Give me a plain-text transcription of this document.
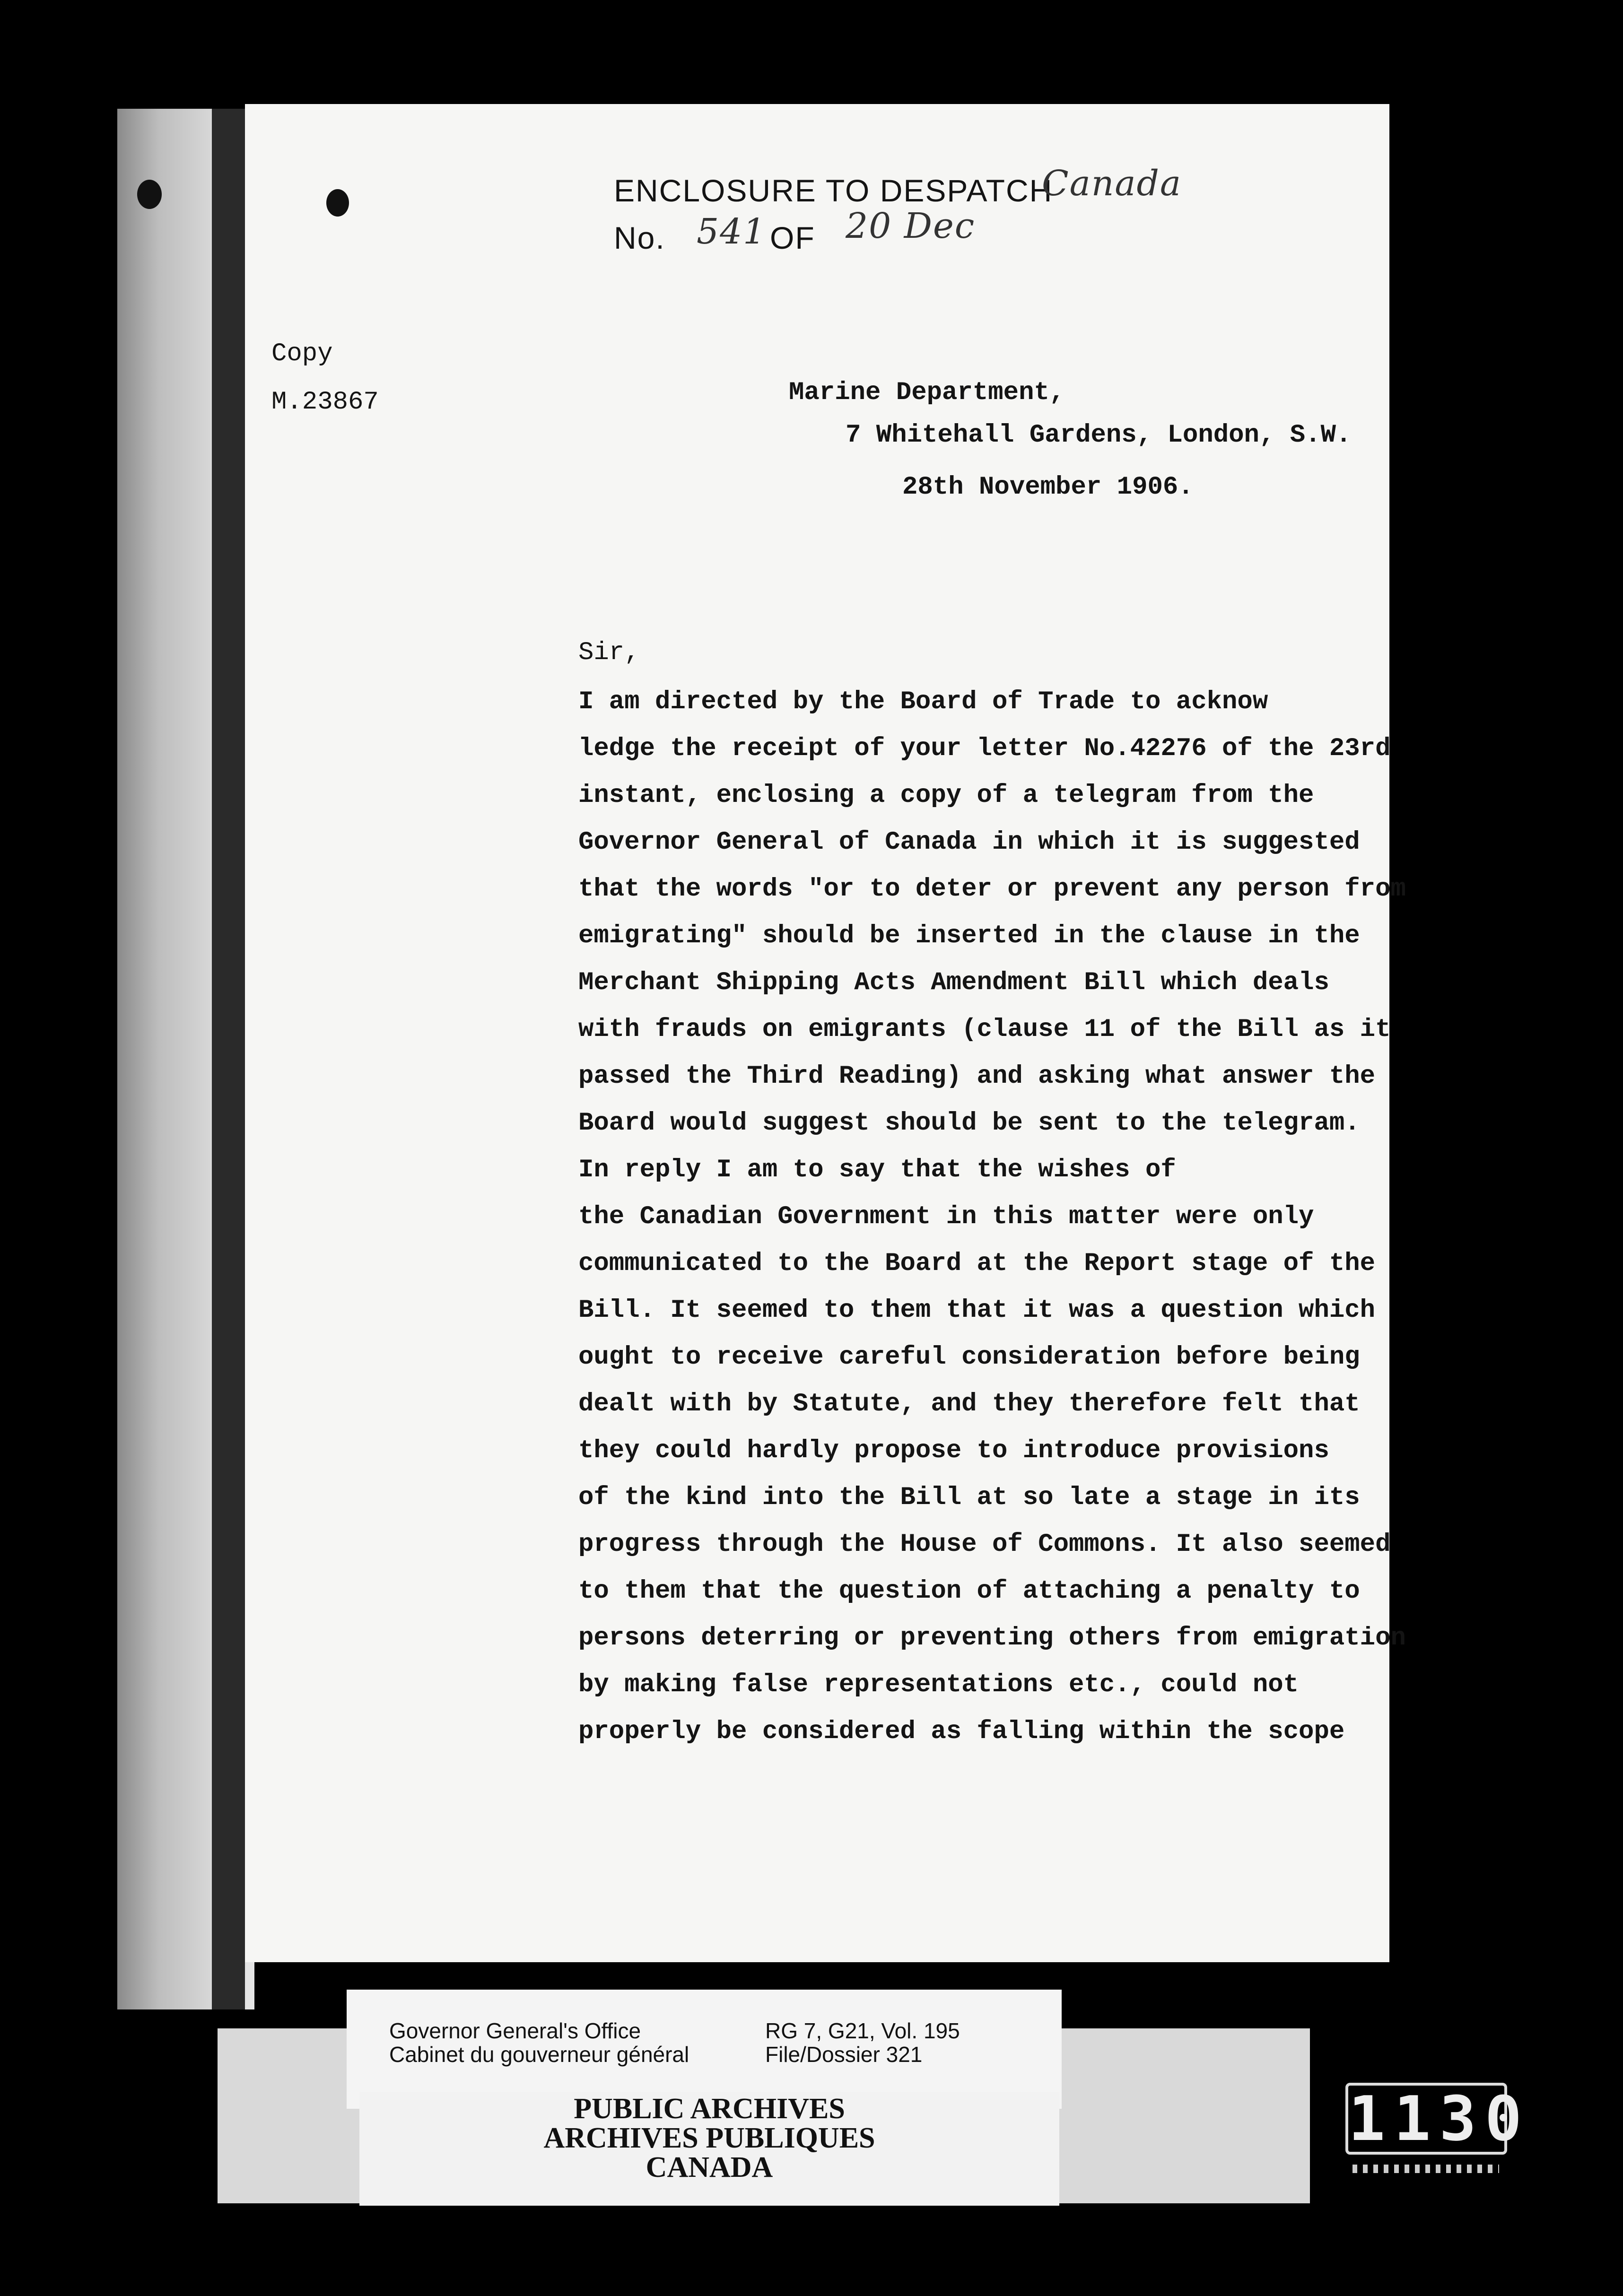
ENCLOSURE TO DESPATCH
Canada
No. 541 OF 20 Dec
Copy
M.23867	Marine Department,
7 Whitehall Gardens, London, S.W.
28th November 1906.
Sir,
I am directed by the Board of Trade to acknow
ledge the receipt of your letter No.42276 of the 23rd
instant, enclosing a copy of a telegram from the
Governor General of Canada in which it is suggested
that the words "or to deter or prevent any person from
emigrating" should be inserted in the clause in the
Merchant Shipping Acts Amendment Bill which deals
with frauds on emigrants (clause 11 of the Bill as it
passed the Third Reading) and asking what answer the
Board would suggest should be sent to the telegram.
In reply I am to say that the wishes of
the Canadian Government in this matter were only
communicated to the Board at the Report stage of the
Bill. It seemed to them that it was a question which
ought to receive careful consideration before being
dealt with by Statute, and they therefore felt that
they could hardly propose to introduce provisions
of the kind into the Bill at so late a stage in its
progress through the House of Commons. It also seemed
to them that the question of attaching a penalty to
persons deterring or preventing others from emigration
by making false representations etc., could not
properly be considered as falling within the scope
Governor General's Office
Cabinet du gouverneur général
RG 7, G21, Vol. 195
File/Dossier 321
PUBLIC ARCHIVES
ARCHIVES PUBLIQUES
CANADA
1130
